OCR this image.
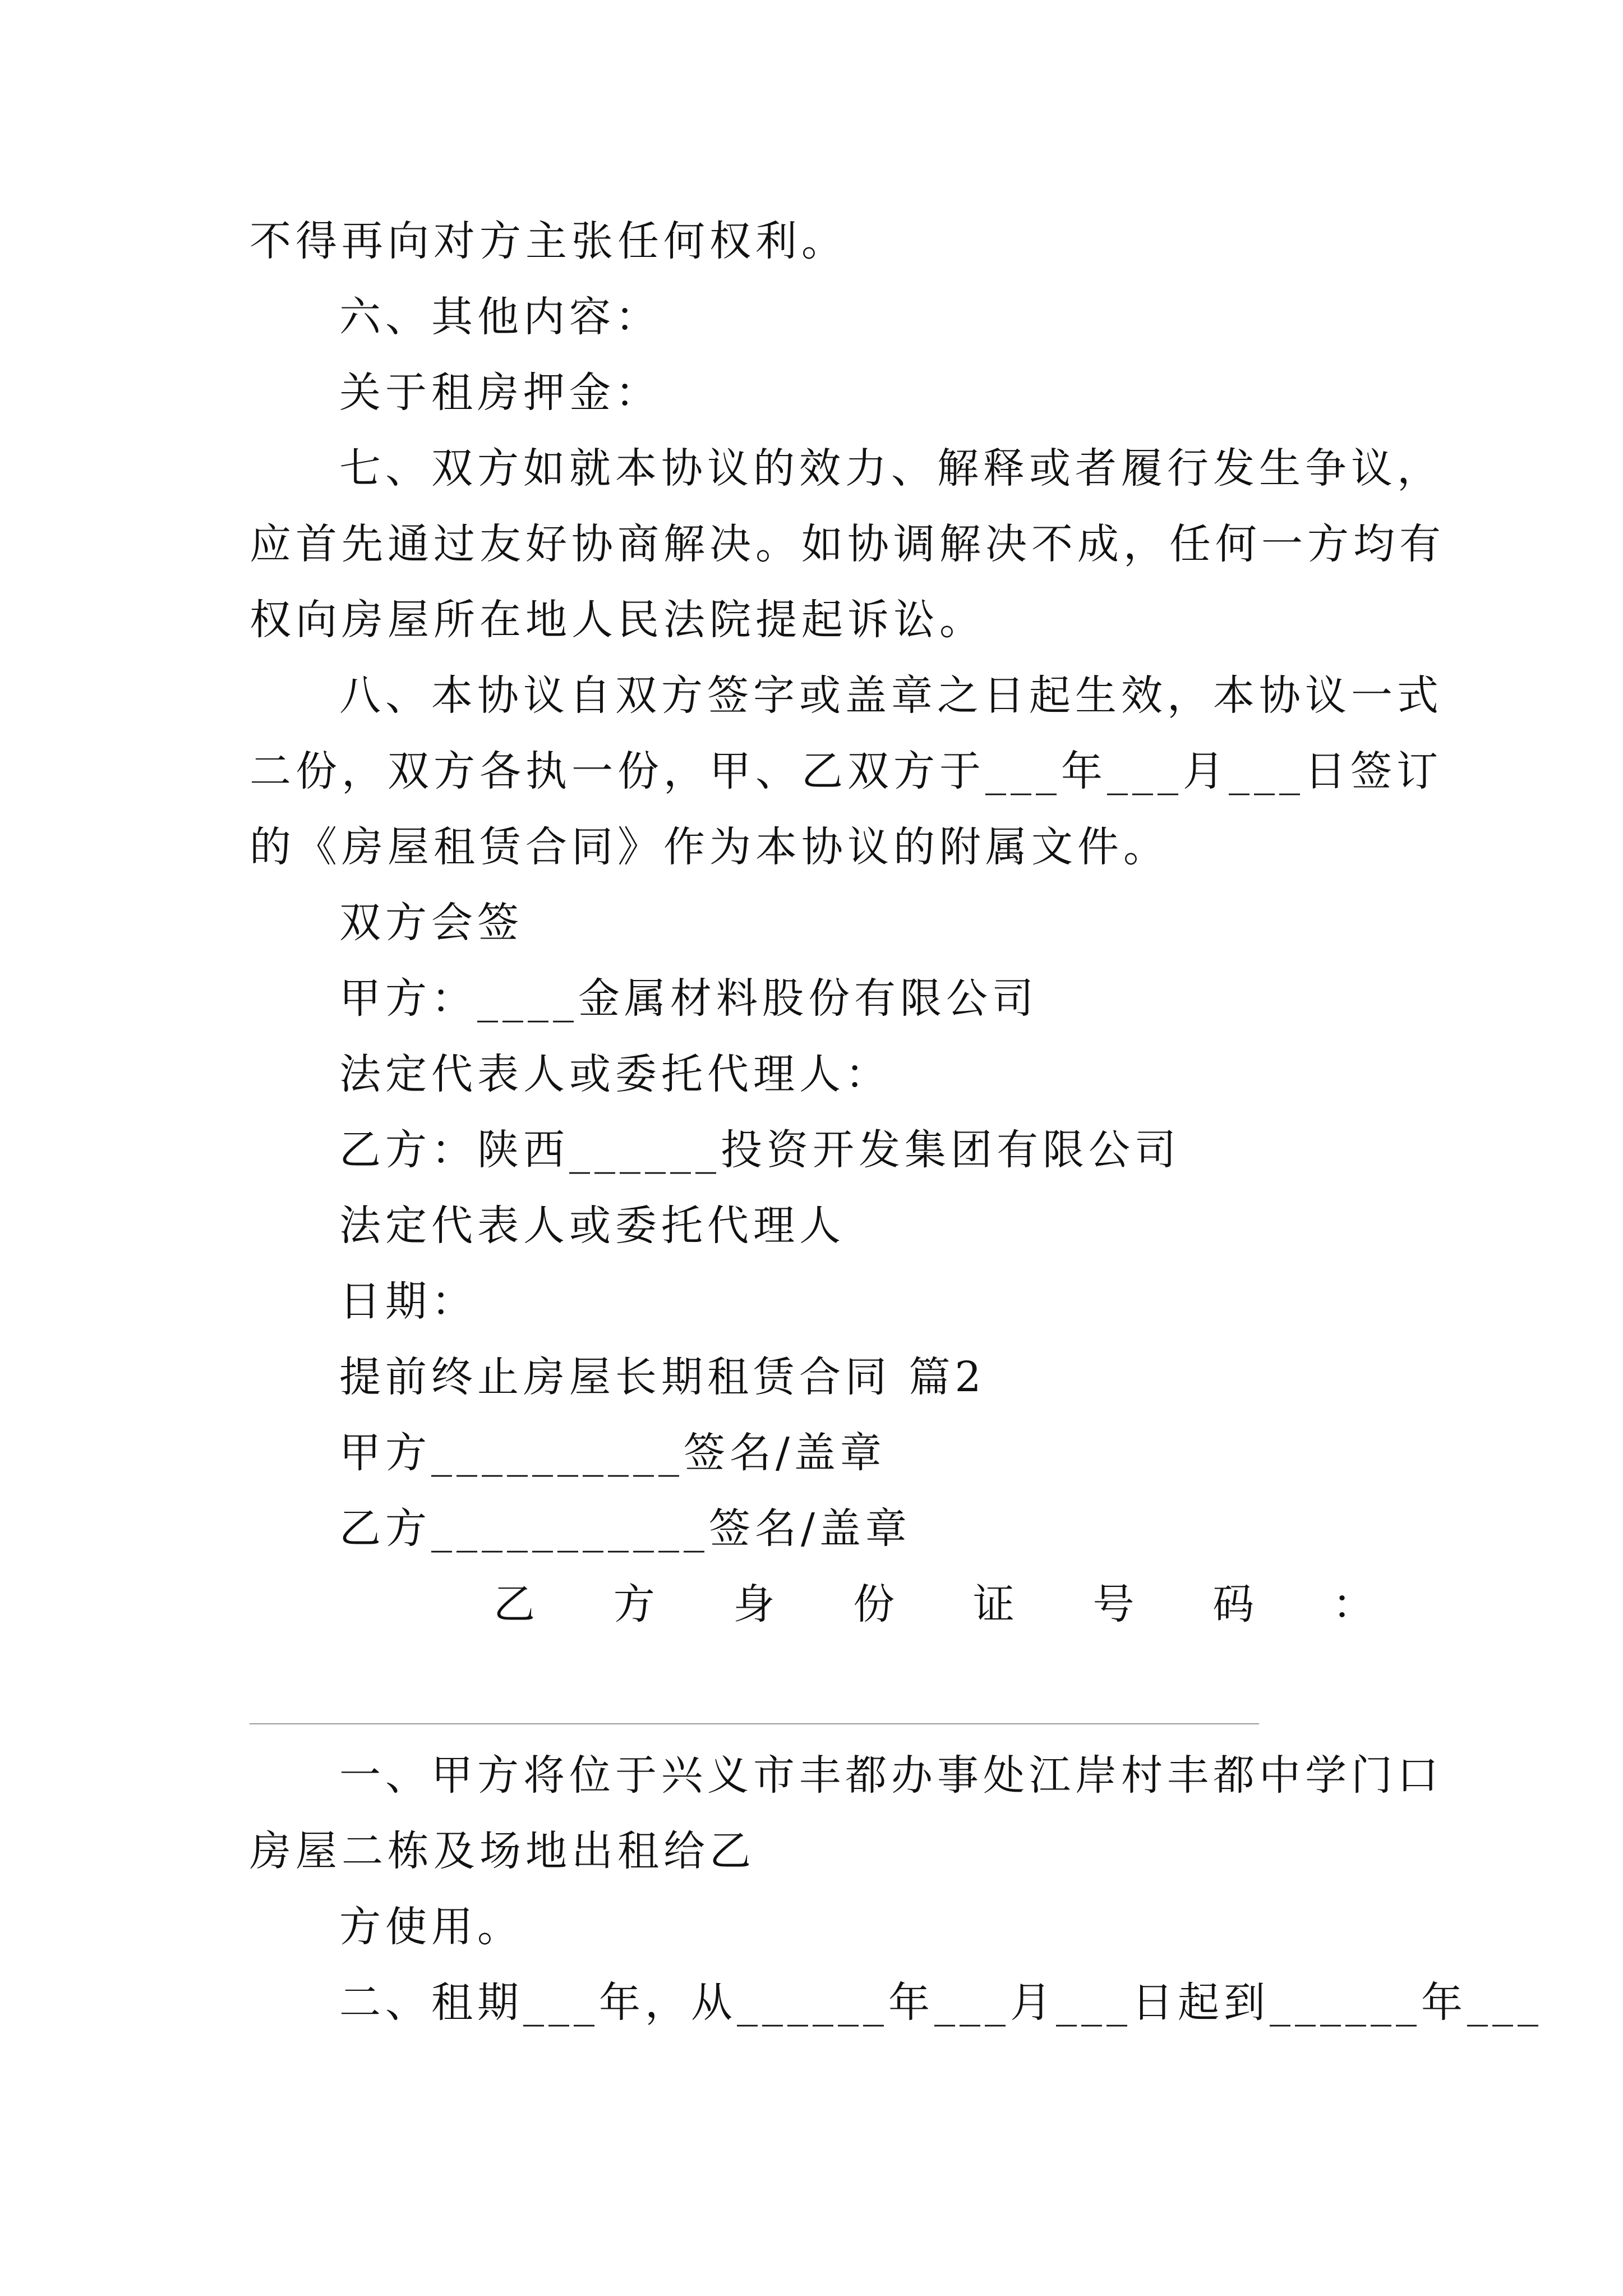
不得再向对方主张任何权利。
六、其他内容：
关于租房押金：
七、双方如就本协议的效力、解释或者履行发生争议，
应首先通过友好协商解决。如协调解决不成，任何一方均有
权向房屋所在地人民法院提起诉讼。
八、本协议自双方签字或盖章之日起生效，本协议一式
二份，双方各执一份，甲、乙双方于___年___月___日签订
的《房屋租赁合同》作为本协议的附属文件。
双方会签
甲方：____金属材料股份有限公司
法定代表人或委托代理人：
乙方：陕西______投资开发集团有限公司
法定代表人或委托代理人
日期：
提前终止房屋长期租赁合同 篇2
甲方__________签名/盖章
乙方___________签名/盖章
乙 方 身 份 证 号 码 ：
一、甲方将位于兴义市丰都办事处江岸村丰都中学门口
房屋二栋及场地出租给乙
方使用。
二、租期___年，从______年___月___日起到______年___
